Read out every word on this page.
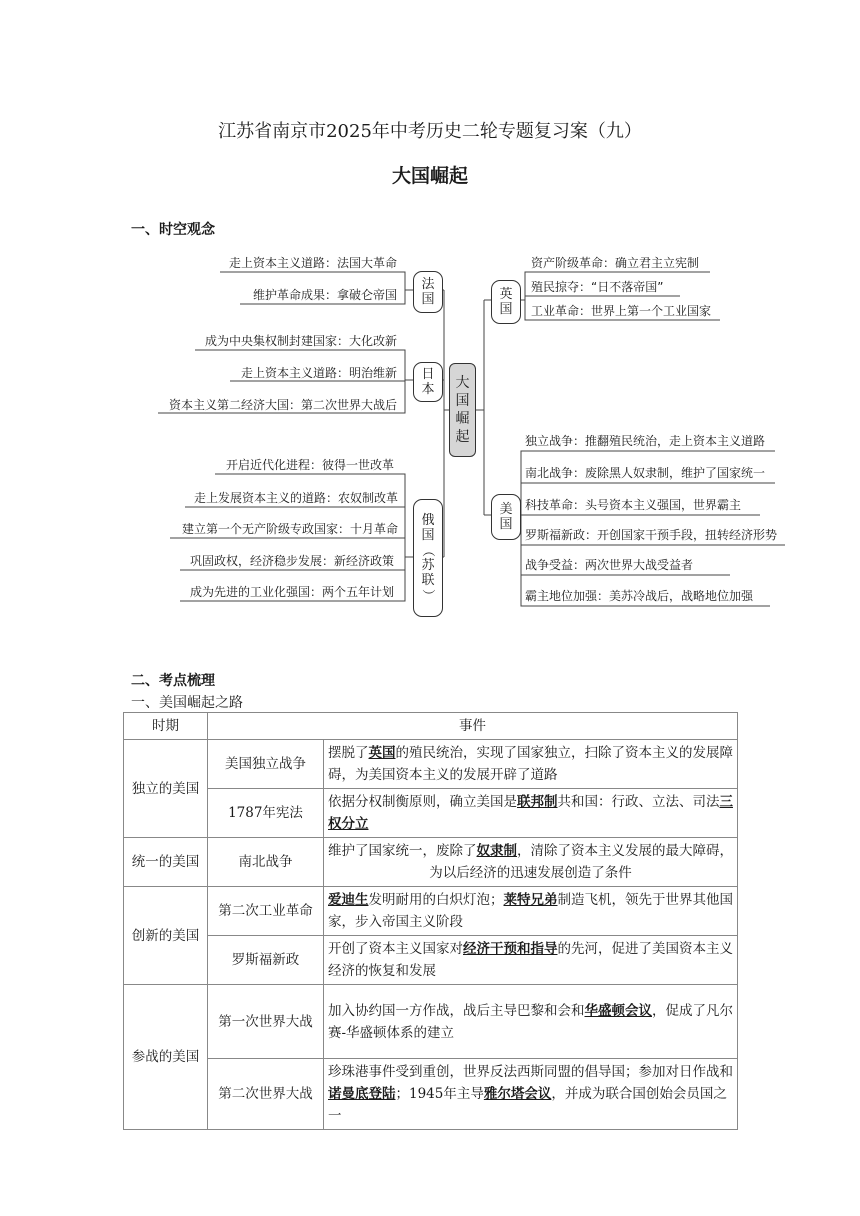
江苏省南京市2025年中考历史二轮专题复习案（九）
大国崛起
一、时空观念
大
国
崛
起
法
国
日
本
俄
国
（
苏
联
）
英
国
美
国
走上资本主义道路：法国大革命
维护革命成果：拿破仑帝国
成为中央集权制封建国家：大化改新
走上资本主义道路：明治维新
资本主义第二经济大国：第二次世界大战后
开启近代化进程：彼得一世改革
走上发展资本主义的道路：农奴制改革
建立第一个无产阶级专政国家：十月革命
巩固政权，经济稳步发展：新经济政策
成为先进的工业化强国：两个五年计划
资产阶级革命：确立君主立宪制
殖民掠夺：“日不落帝国”
工业革命：世界上第一个工业国家
独立战争：推翻殖民统治，走上资本主义道路
南北战争：废除黑人奴隶制，维护了国家统一
科技革命：头号资本主义强国，世界霸主
罗斯福新政：开创国家干预手段，扭转经济形势
战争受益：两次世界大战受益者
霸主地位加强：美苏冷战后，战略地位加强
二、考点梳理
一、美国崛起之路
时期	事件	
独立的美国	美国独立战争	摆脱了英国的殖民统治，实现了国家独立，扫除了资本主义的发展障碍，为美国资本主义的发展开辟了道路
	1787年宪法	依据分权制衡原则，确立美国是联邦制共和国：行政、立法、司法三权分立
统一的美国	南北战争	维护了国家统一，废除了奴隶制，清除了资本主义发展的最大障碍，为以后经济的迅速发展创造了条件
创新的美国	第二次工业革命	爱迪生发明耐用的白炽灯泡；莱特兄弟制造飞机，领先于世界其他国家，步入帝国主义阶段
	罗斯福新政	开创了资本主义国家对经济干预和指导的先河，促进了美国资本主义经济的恢复和发展
参战的美国	第一次世界大战	加入协约国一方作战，战后主导巴黎和会和华盛顿会议，促成了凡尔赛-华盛顿体系的建立
	第二次世界大战	珍珠港事件受到重创，世界反法西斯同盟的倡导国；参加对日作战和诺曼底登陆；1945年主导雅尔塔会议，并成为联合国创始会员国之一
